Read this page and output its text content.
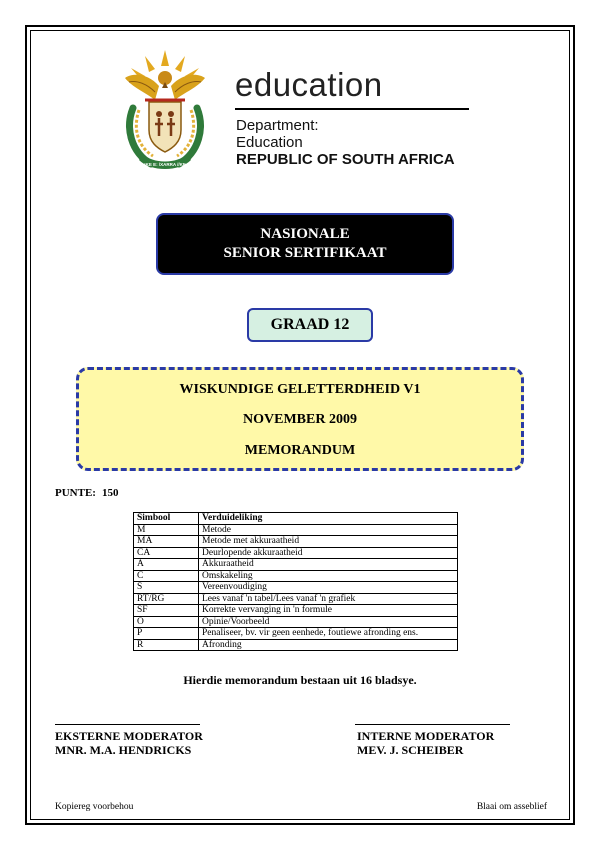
!KE E: /XARRA //KE
education
Department:
Education
REPUBLIC OF SOUTH AFRICA
NASIONALE
SENIOR SERTIFIKAAT
GRAAD 12
WISKUNDIGE GELETTERDHEID V1
NOVEMBER 2009
MEMORANDUM
PUNTE: 150
Simbool	Verduideliking
M	Metode
MA	Metode met akkuraatheid
CA	Deurlopende akkuraatheid
A	Akkuraatheid
C	Omskakeling
S	Vereenvoudiging
RT/RG	Lees vanaf 'n tabel/Lees vanaf 'n grafiek
SF	Korrekte vervanging in 'n formule
O	Opinie/Voorbeeld
P	Penaliseer, bv. vir geen eenhede, foutiewe afronding ens.
R	Afronding
Hierdie memorandum bestaan uit 16 bladsye.
EKSTERNE MODERATOR
MNR. M.A. HENDRICKS
INTERNE MODERATOR
MEV. J. SCHEIBER
Kopiereg voorbehou	Blaai om asseblief
